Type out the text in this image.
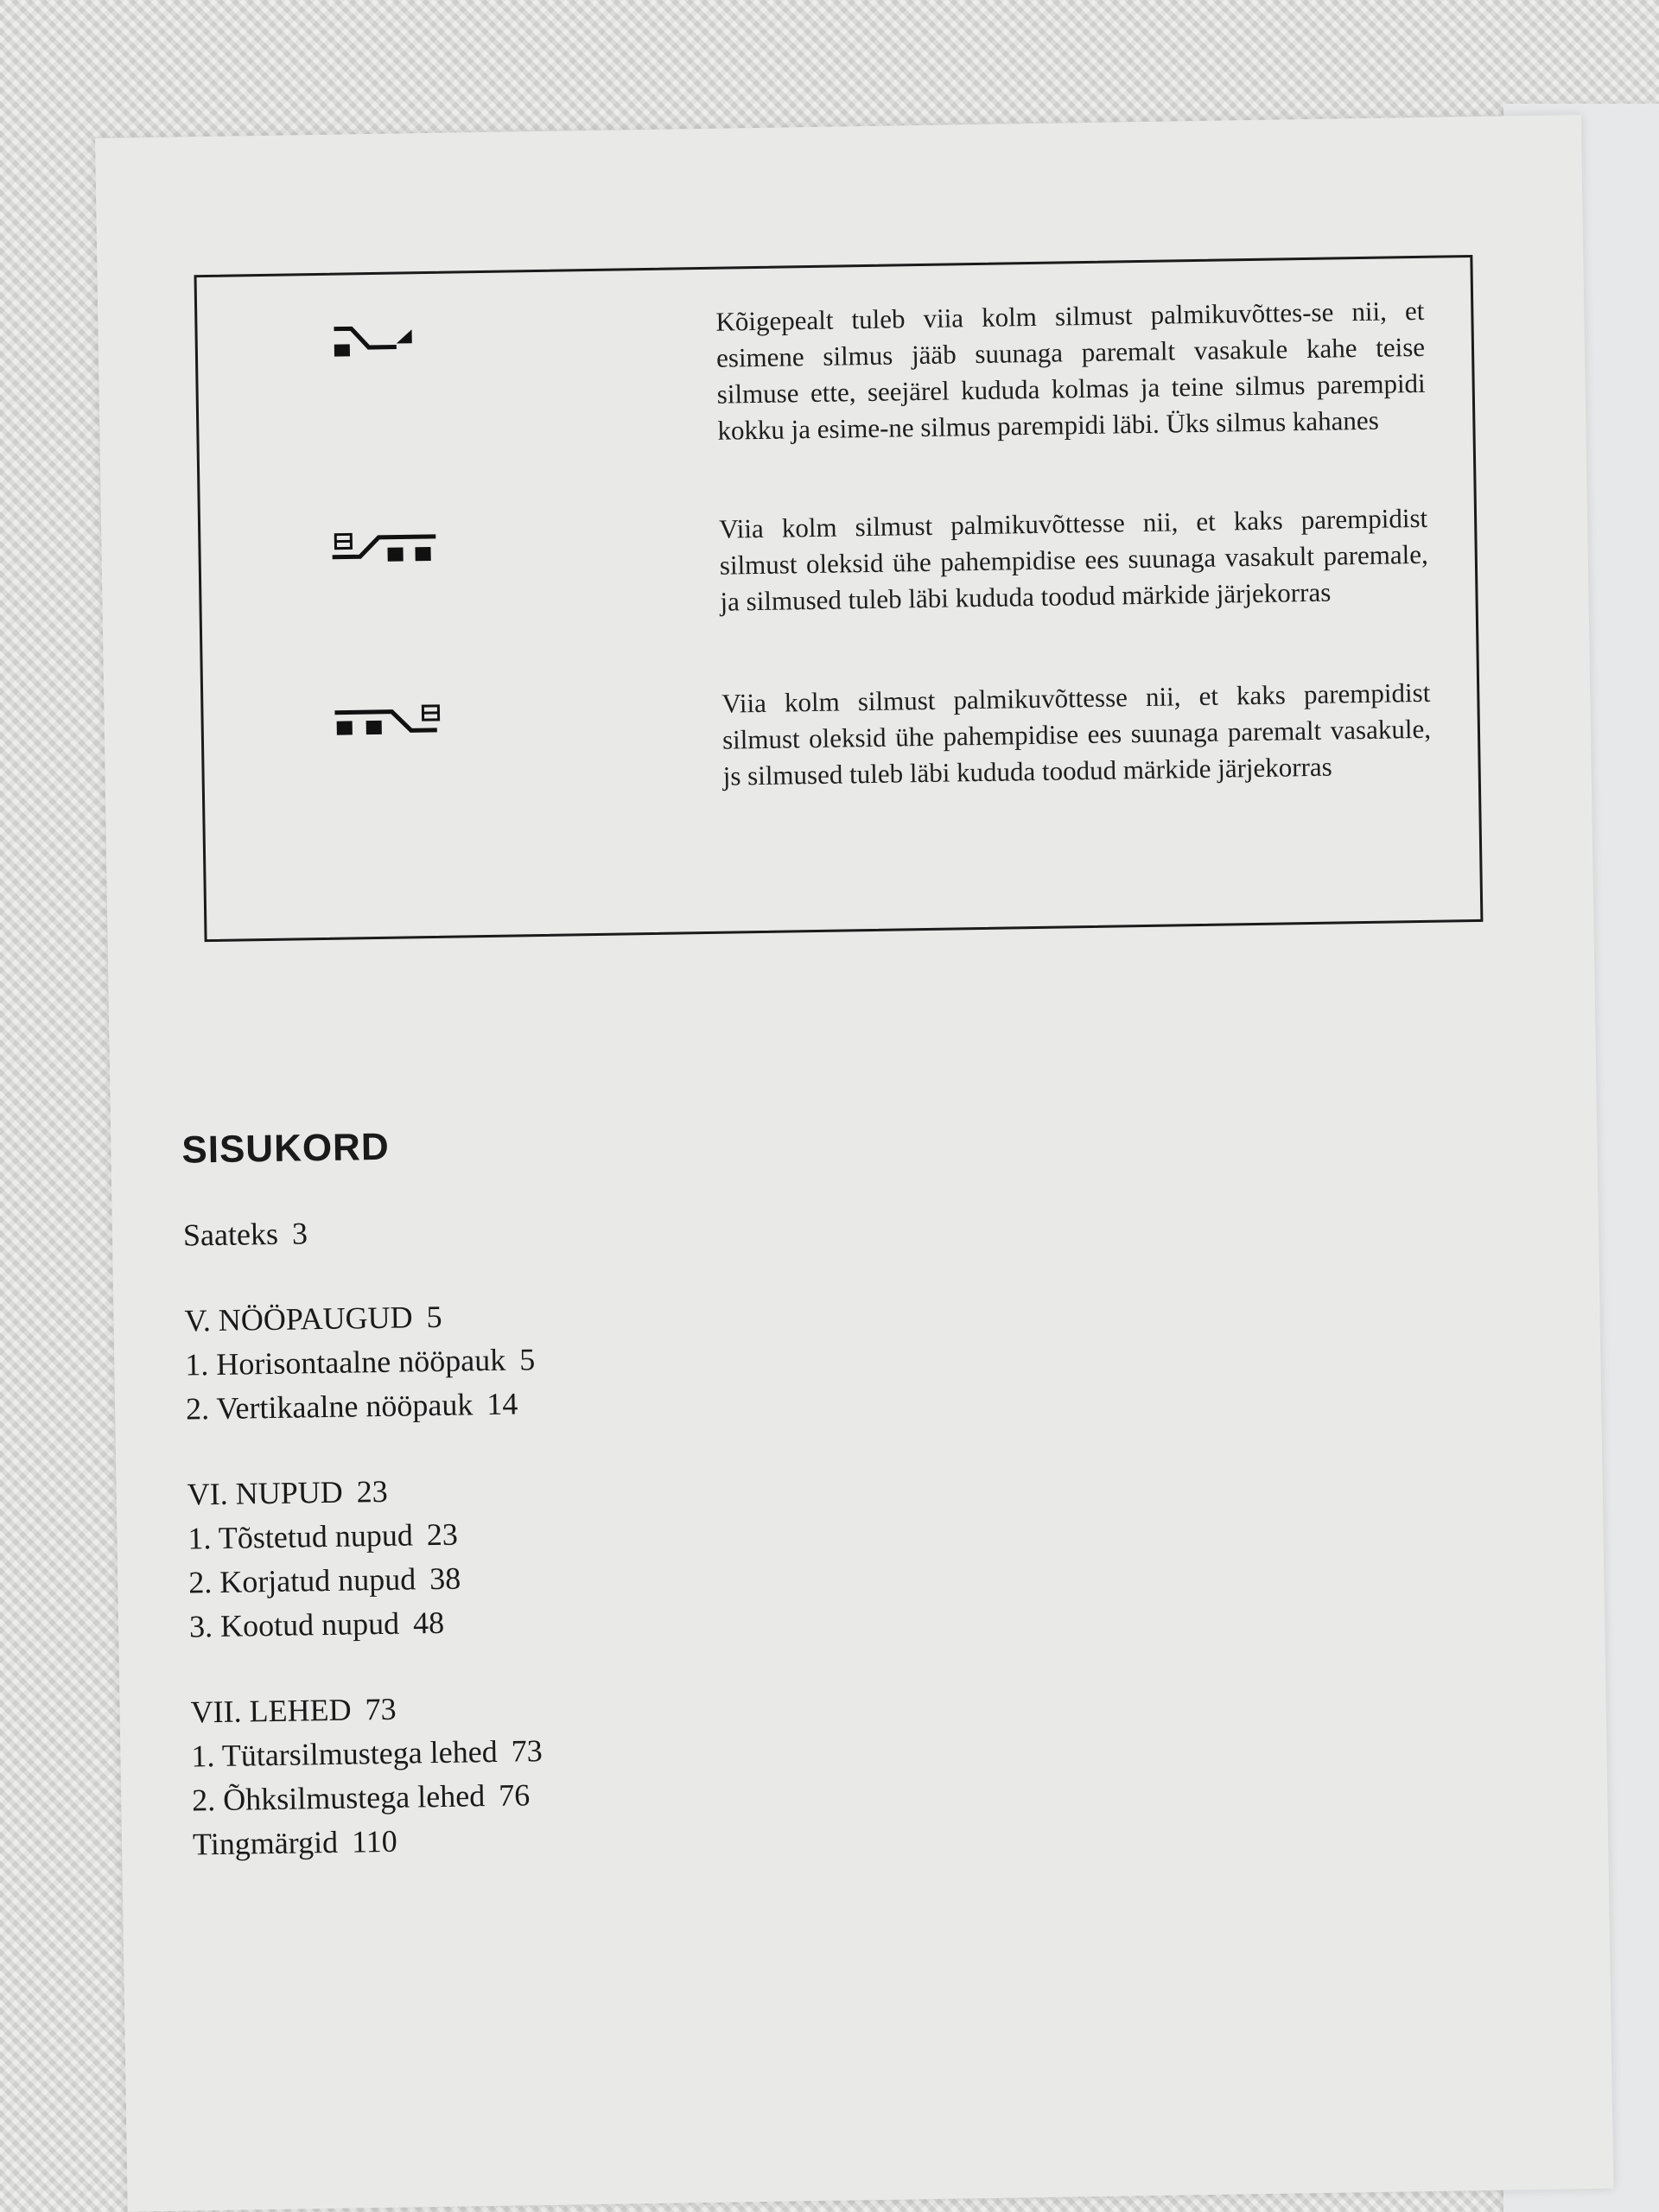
Kõigepealt tuleb viia kolm silmust palmikuvõttes-se nii, et esimene silmus jääb suunaga paremalt vasakule kahe teise silmuse ette, seejärel kududa kolmas ja teine silmus parempidi kokku ja esime-ne silmus parempidi läbi. Üks silmus kahanes
Viia kolm silmust palmikuvõttesse nii, et kaks parempidist silmust oleksid ühe pahempidise ees suunaga vasakult paremale, ja silmused tuleb läbi kududa toodud märkide järjekorras
Viia kolm silmust palmikuvõttesse nii, et kaks parempidist silmust oleksid ühe pahempidise ees suunaga paremalt vasakule, js silmused tuleb läbi kududa toodud märkide järjekorras
SISUKORD
Saateks 3
V. NÖÖPAUGUD 5
1. Horisontaalne nööpauk 5
2. Vertikaalne nööpauk 14
VI. NUPUD 23
1. Tõstetud nupud 23
2. Korjatud nupud 38
3. Kootud nupud 48
VII. LEHED 73
1. Tütarsilmustega lehed 73
2. Õhksilmustega lehed 76
Tingmärgid 110
